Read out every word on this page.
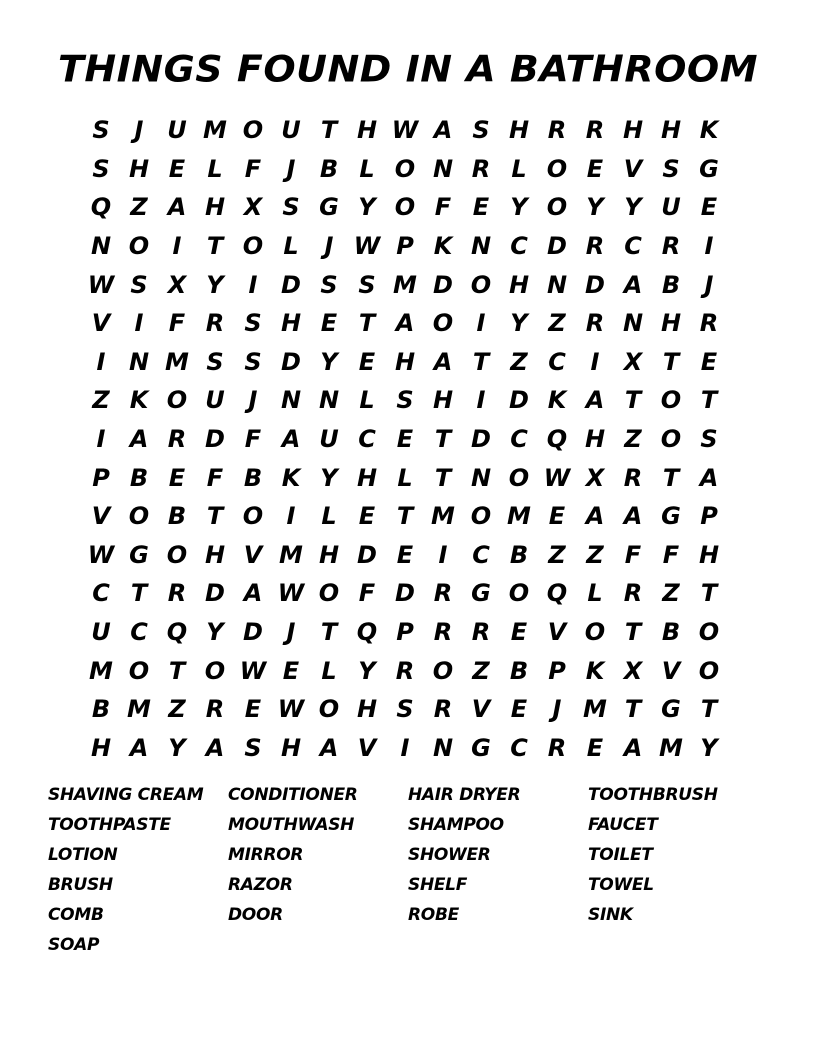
THINGS FOUND IN A BATHROOM
S	J U M O U T H W A S H R R H H K
S H E L F	J	B L O N R L O E V S G
Q Z A H X S G Y O F E Y O Y Y U E
N O I	T O L	J W P K N C D R C R	I
W S X Y	I D S S M D O H N D A B	J
V	I	F R S H E T A O I	Y Z R N H R
I N M S S D Y E H A T Z C	I	X T E
Z K O U J N N L S H I D K A T O T
I	A R D F A U C E T D C Q H Z O S
P B E F B K Y H L T N O W X R T A
V O B T O I	L E T M O M E A A G P
W G O H V M H D E	I	C B Z Z F F H
C T R D A W O F D R G O Q L R Z T
U C Q Y D J	T Q P R R E V O T B O
M O T O W E L Y R O Z B P K X V O
B M Z R E W O H S R V E	J M T G T
H A Y A S H A V	I N G C R E A M Y
SHAVING CREAM	CONDITIONER	HAIR DRYER	TOOTHBRUSH
TOOTHPASTE	MOUTHWASH	SHAMPOO	FAUCET
LOTION	MIRROR	SHOWER	TOILET
BRUSH	RAZOR	SHELF	TOWEL
COMB	DOOR	ROBE	SINK
SOAP
